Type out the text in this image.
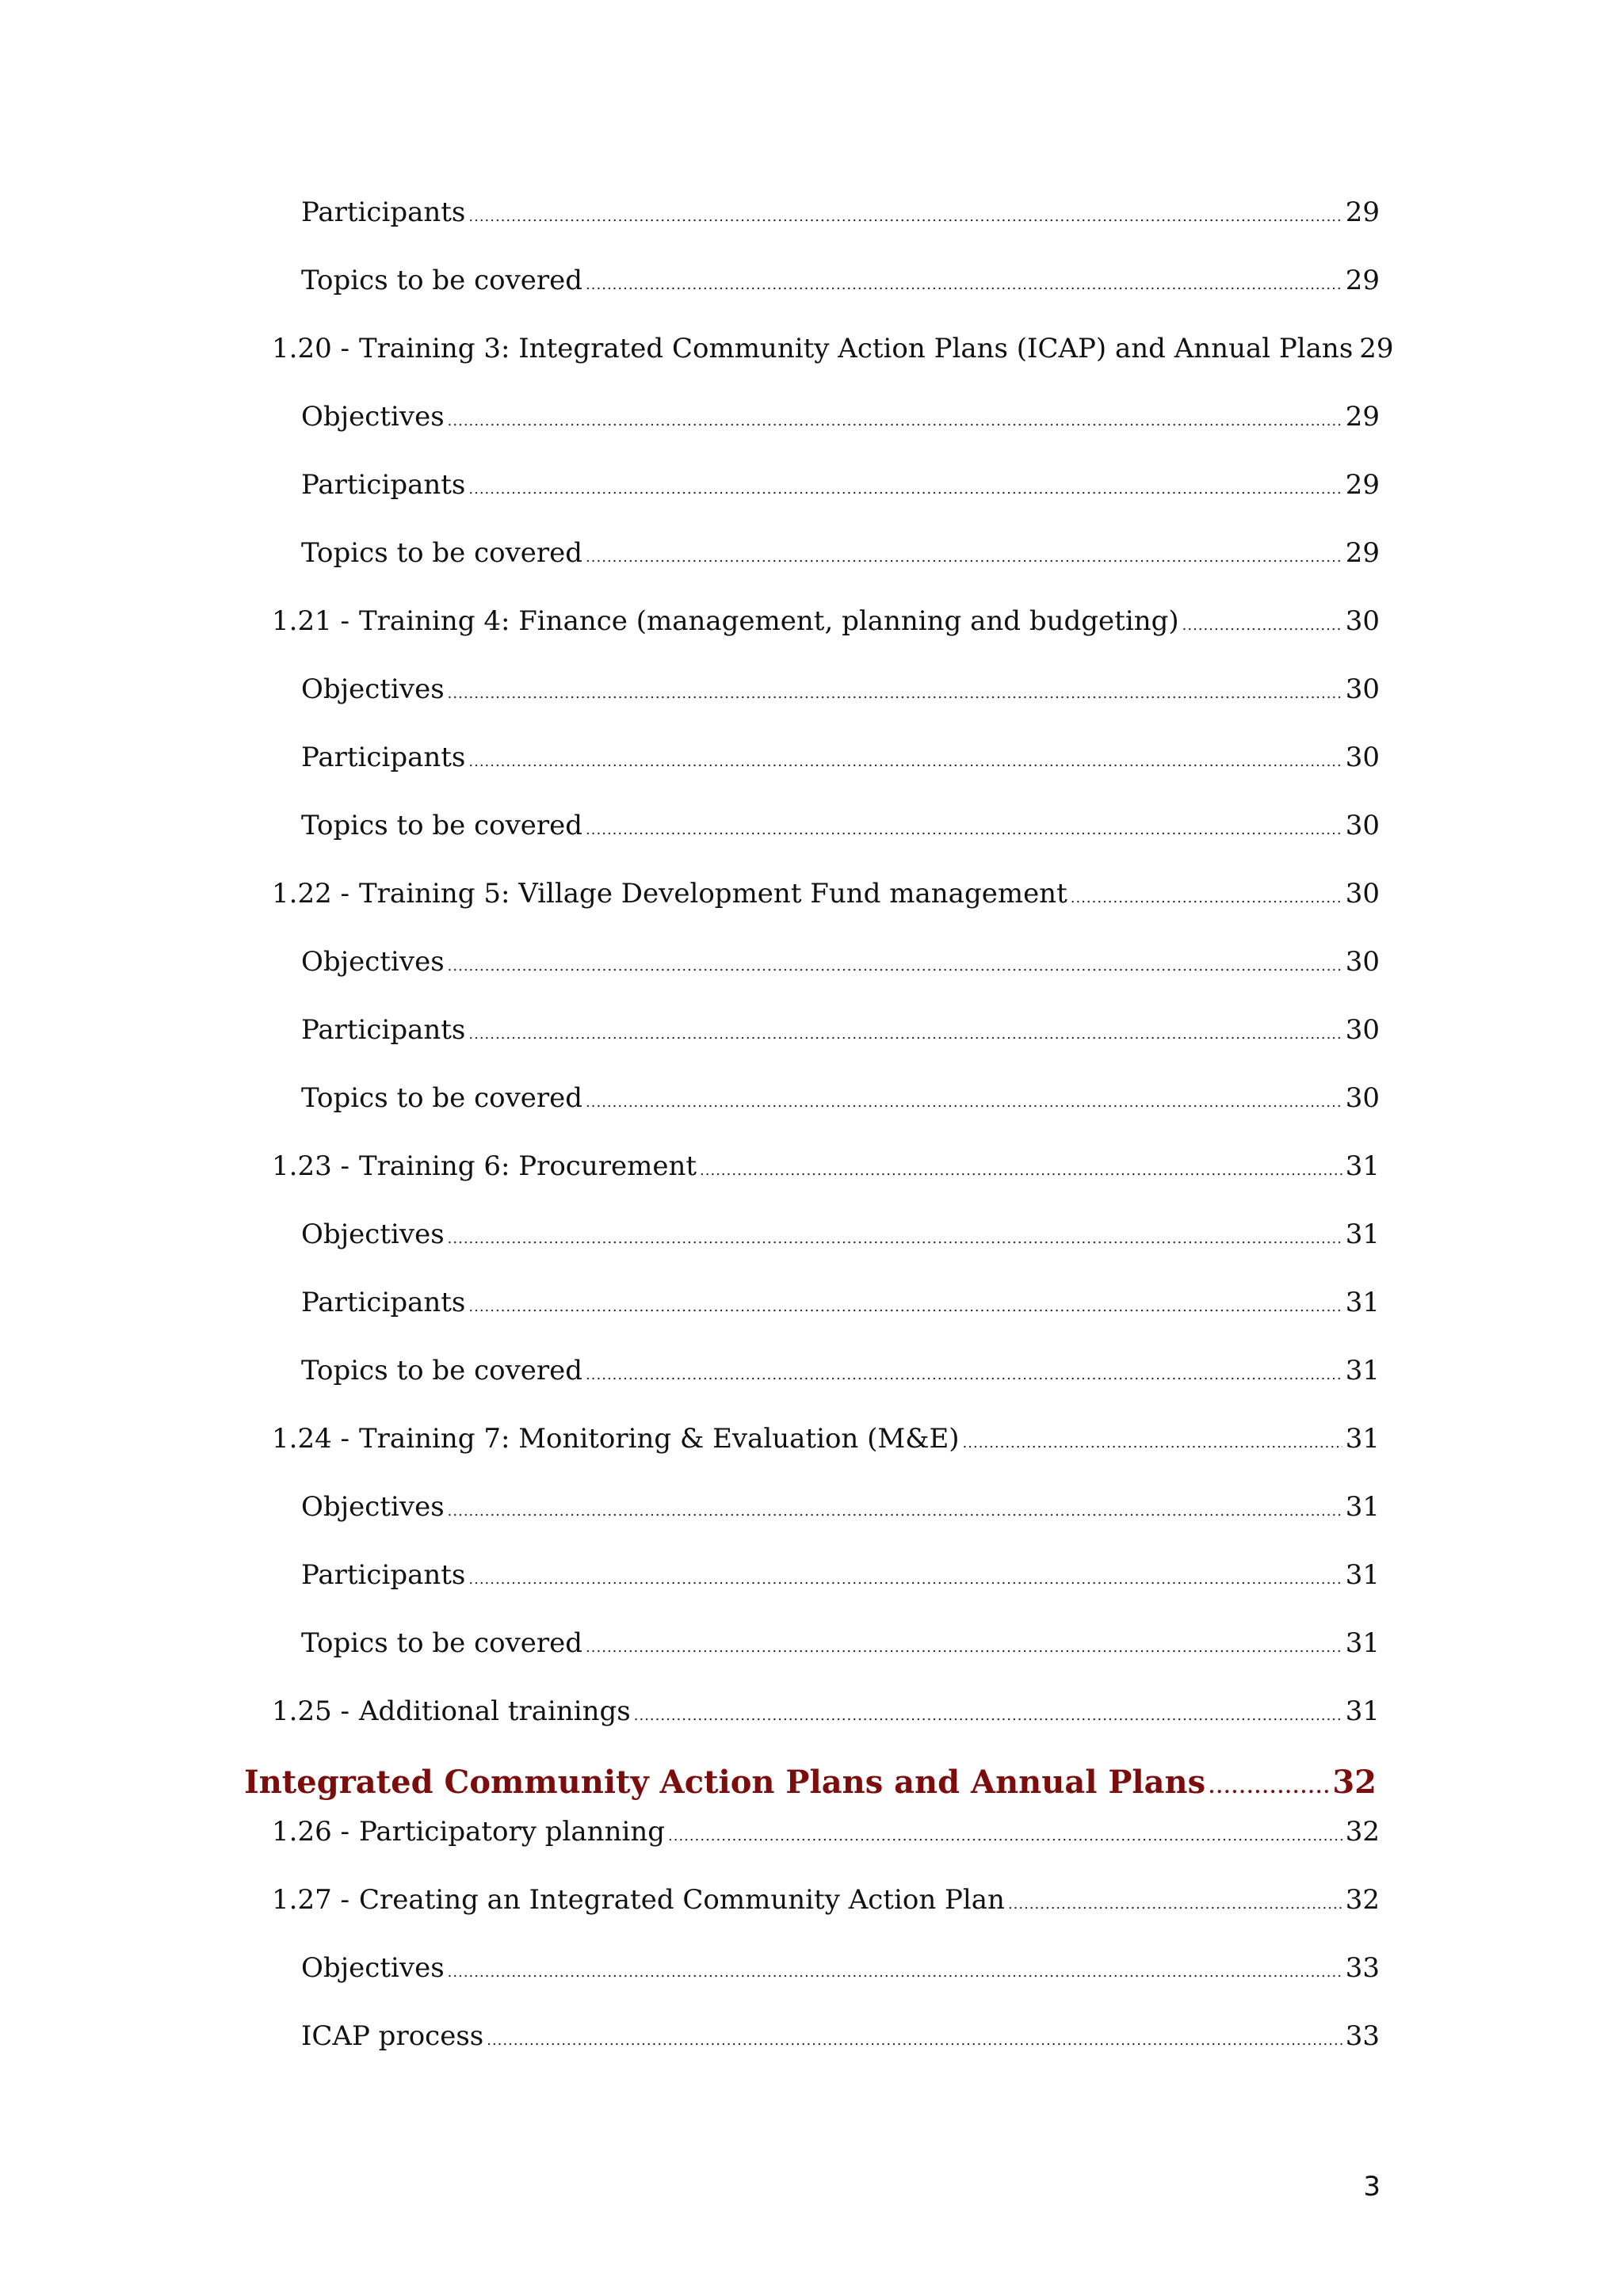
Participants .....	29
Topics to be covered .....	29
1.20 - Training 3: Integrated Community Action Plans (ICAP) and Annual Plans 29
Objectives .....	29
Participants .....	29
Topics to be covered .....	29
1.21 - Training 4: Finance (management, planning and budgeting) .....	30
Objectives .....	30
Participants .....	30
Topics to be covered .....	30
1.22 - Training 5: Village Development Fund management .....	30
Objectives .....	30
Participants .....	30
Topics to be covered .....	30
1.23 - Training 6: Procurement .....	31
Objectives .....	31
Participants .....	31
Topics to be covered .....	31
1.24 - Training 7: Monitoring & Evaluation (M&E) .....	31
Objectives .....	31
Participants .....	31
Topics to be covered .....	31
1.25 - Additional trainings .....	31
Integrated Community Action Plans and Annual Plans .....	32
1.26 - Participatory planning .....	32
1.27 - Creating an Integrated Community Action Plan .....	32
Objectives .....	33
ICAP process .....	33
3
